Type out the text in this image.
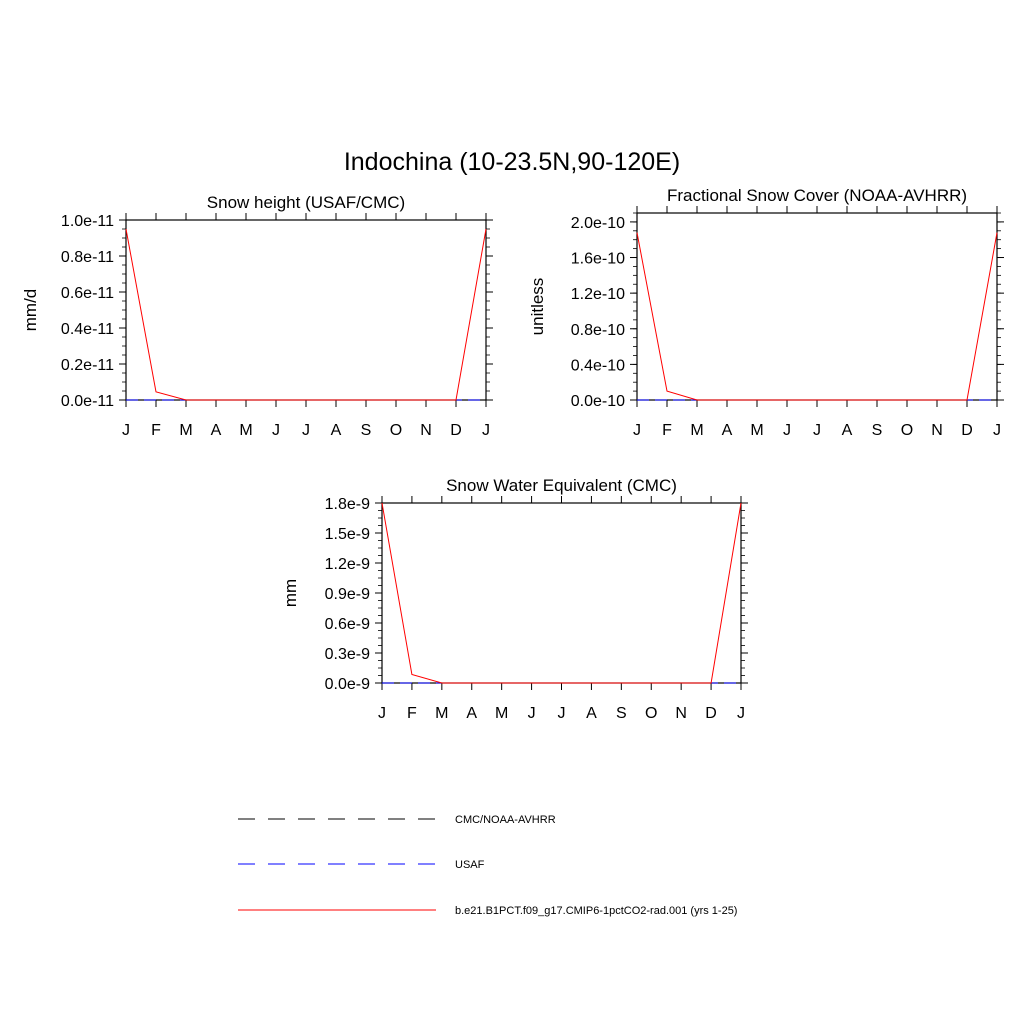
Indochina (10-23.5N,90-120E)
Snow height (USAF/CMC)
mm/d
J F M A M J J A S O N D J
0.0e-11
0.2e-11
0.4e-11
0.6e-11
0.8e-11
1.0e-11
Fractional Snow Cover (NOAA-AVHRR)
unitless
J F M A M J J A S O N D J
0.0e-10
0.4e-10
0.8e-10
1.2e-10
1.6e-10
2.0e-10
Snow Water Equivalent (CMC)
mm
J F M A M J J A S O N D J
0.0e-9
0.3e-9
0.6e-9
0.9e-9
1.2e-9
1.5e-9
1.8e-9
CMC/NOAA-AVHRR
USAF
b.e21.B1PCT.f09_g17.CMIP6-1pctCO2-rad.001 (yrs 1-25)
